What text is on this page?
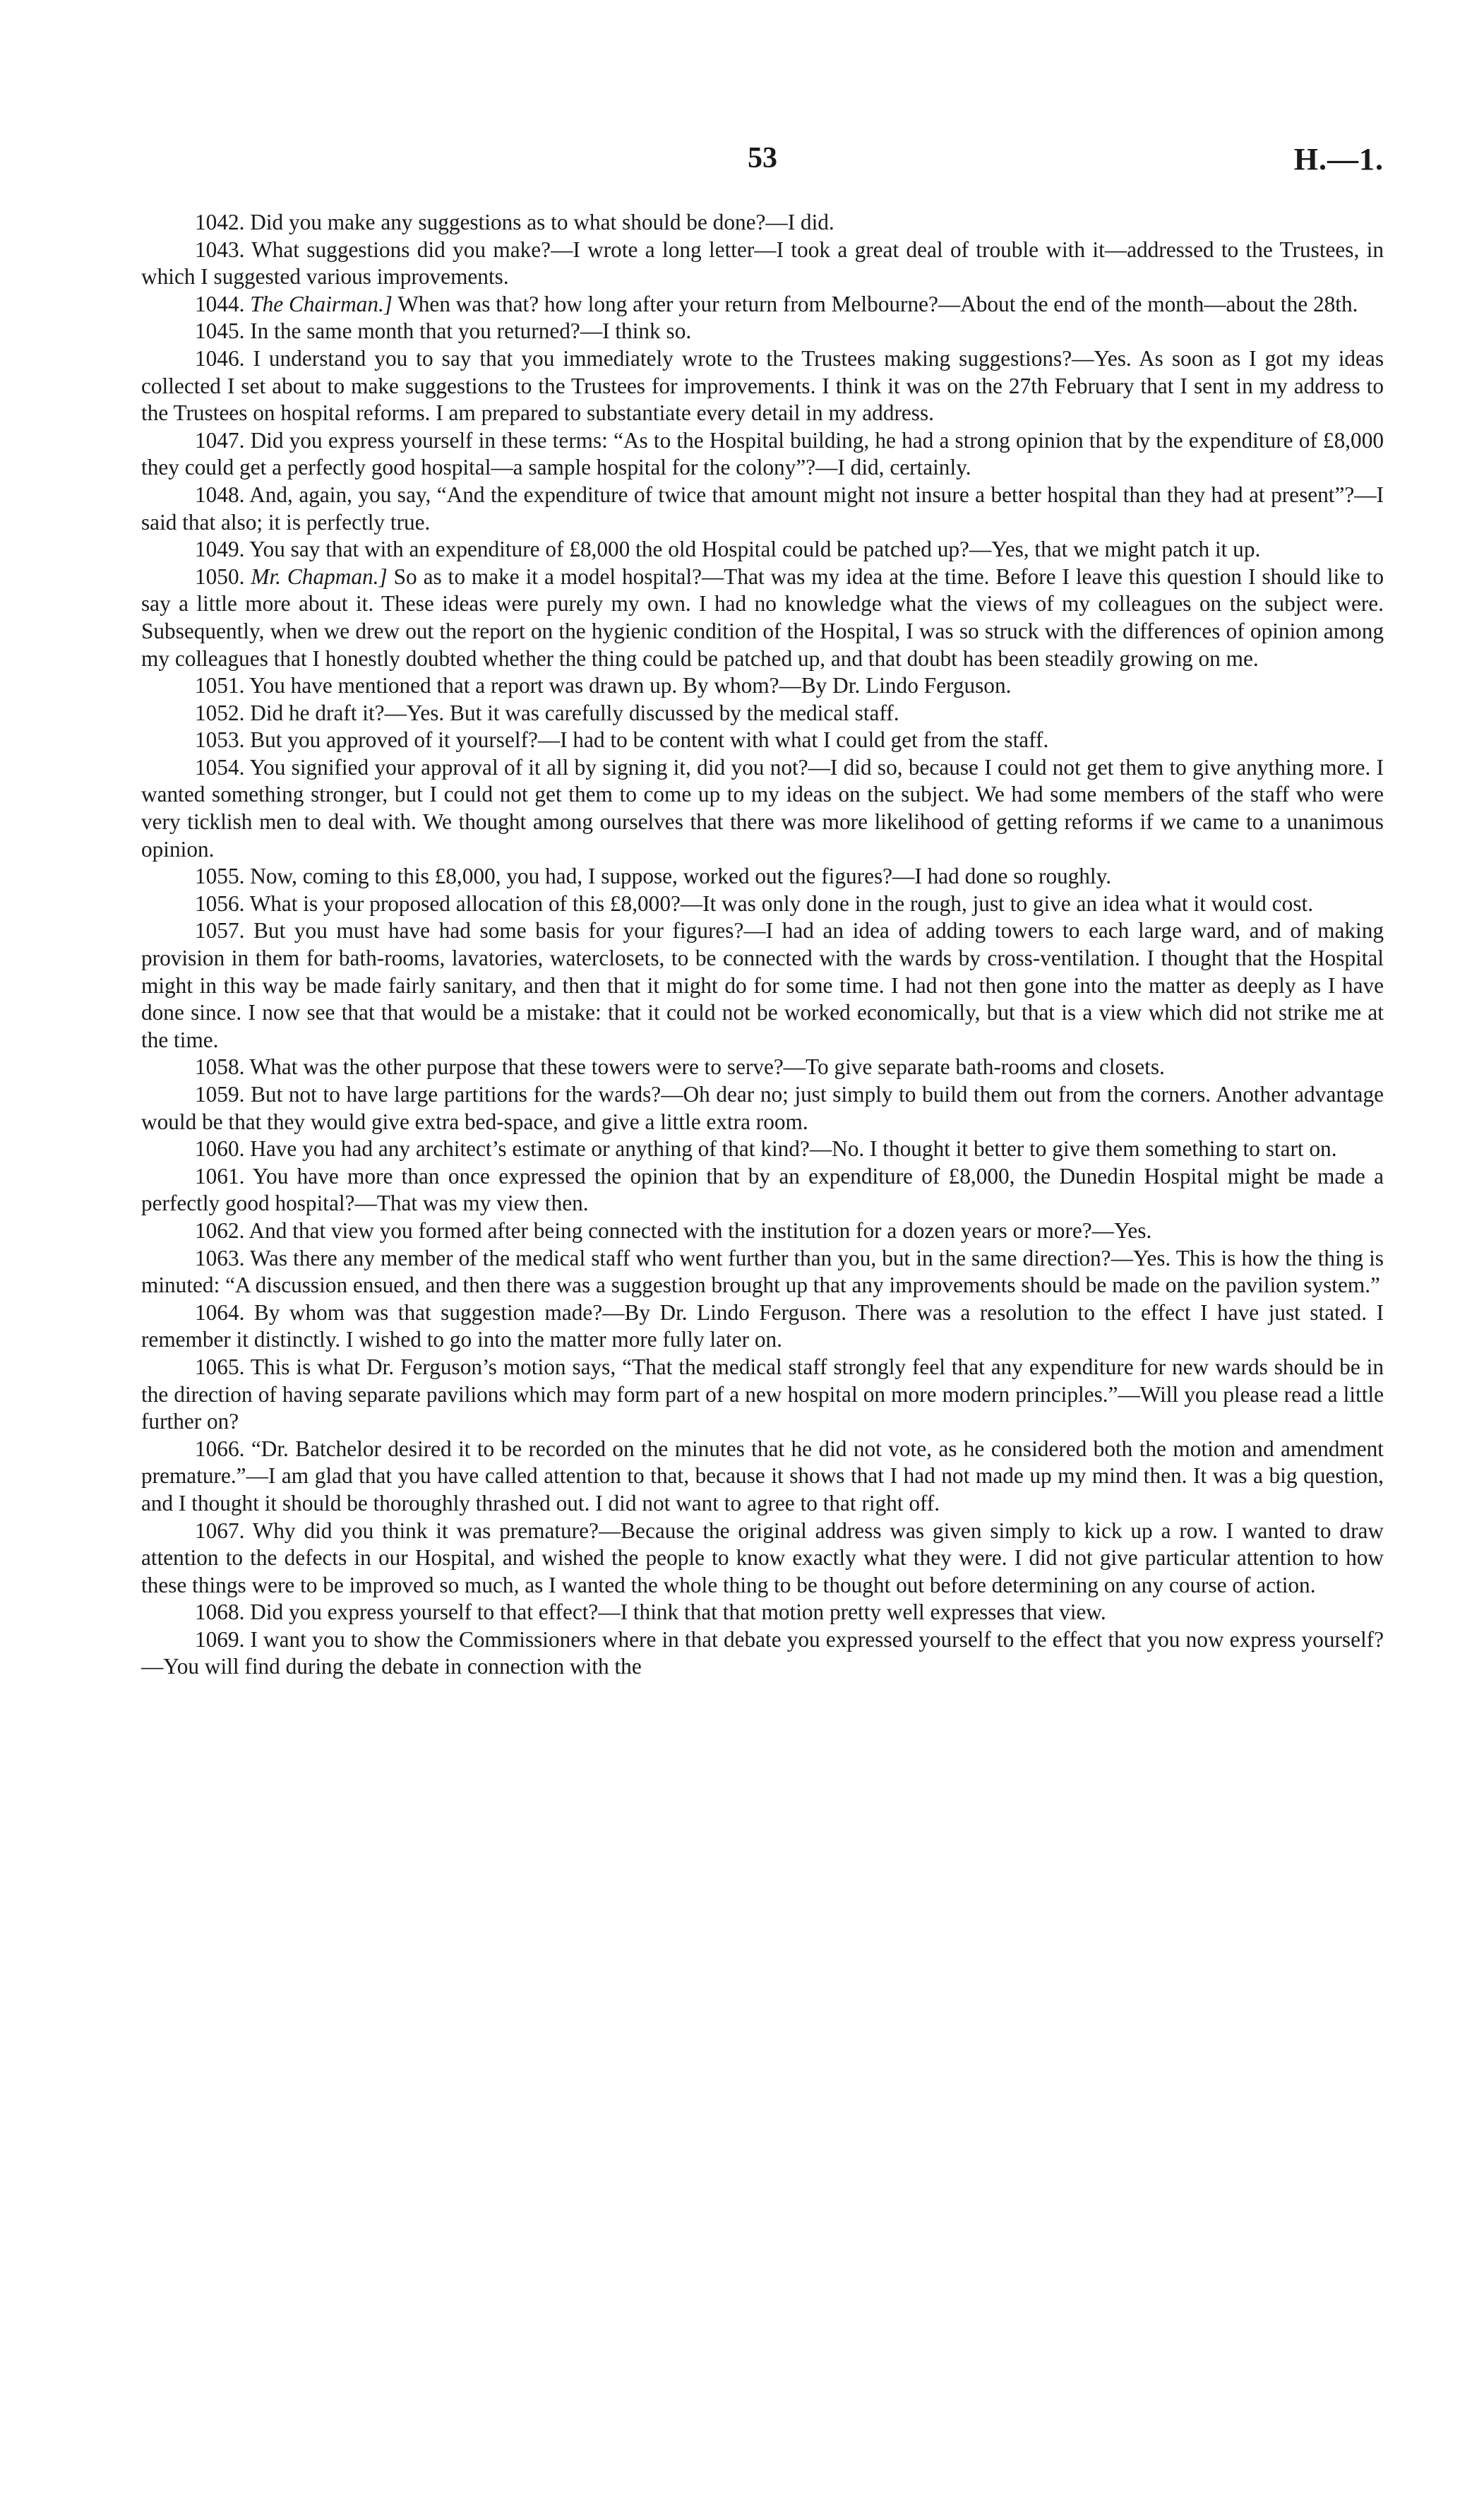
53	H.—1.

1042. Did you make any suggestions as to what should be done?—I did.

1043. What suggestions did you make?—I wrote a long letter—I took a great deal of trouble with it—addressed to the Trustees, in which I suggested various improvements.

1044. The Chairman.] When was that? how long after your return from Melbourne?—About the end of the month—about the 28th.

1045. In the same month that you returned?—I think so.

1046. I understand you to say that you immediately wrote to the Trustees making suggestions?—Yes. As soon as I got my ideas collected I set about to make suggestions to the Trustees for improvements. I think it was on the 27th February that I sent in my address to the Trustees on hospital reforms. I am prepared to substantiate every detail in my address.

1047. Did you express yourself in these terms: “As to the Hospital building, he had a strong opinion that by the expenditure of £8,000 they could get a perfectly good hospital—a sample hospital for the colony”?—I did, certainly.

1048. And, again, you say, “And the expenditure of twice that amount might not insure a better hospital than they had at present”?—I said that also; it is perfectly true.

1049. You say that with an expenditure of £8,000 the old Hospital could be patched up?—Yes, that we might patch it up.

1050. Mr. Chapman.] So as to make it a model hospital?—That was my idea at the time. Before I leave this question I should like to say a little more about it. These ideas were purely my own. I had no knowledge what the views of my colleagues on the subject were. Subsequently, when we drew out the report on the hygienic condition of the Hospital, I was so struck with the differences of opinion among my colleagues that I honestly doubted whether the thing could be patched up, and that doubt has been steadily growing on me.

1051. You have mentioned that a report was drawn up. By whom?—By Dr. Lindo Ferguson.

1052. Did he draft it?—Yes. But it was carefully discussed by the medical staff.

1053. But you approved of it yourself?—I had to be content with what I could get from the staff.

1054. You signified your approval of it all by signing it, did you not?—I did so, because I could not get them to give anything more. I wanted something stronger, but I could not get them to come up to my ideas on the subject. We had some members of the staff who were very ticklish men to deal with. We thought among ourselves that there was more likelihood of getting reforms if we came to a unanimous opinion.

1055. Now, coming to this £8,000, you had, I suppose, worked out the figures?—I had done so roughly.

1056. What is your proposed allocation of this £8,000?—It was only done in the rough, just to give an idea what it would cost.

1057. But you must have had some basis for your figures?—I had an idea of adding towers to each large ward, and of making provision in them for bath-rooms, lavatories, waterclosets, to be connected with the wards by cross-ventilation. I thought that the Hospital might in this way be made fairly sanitary, and then that it might do for some time. I had not then gone into the matter as deeply as I have done since. I now see that that would be a mistake: that it could not be worked economically, but that is a view which did not strike me at the time.

1058. What was the other purpose that these towers were to serve?—To give separate bath-rooms and closets.

1059. But not to have large partitions for the wards?—Oh dear no; just simply to build them out from the corners. Another advantage would be that they would give extra bed-space, and give a little extra room.

1060. Have you had any architect’s estimate or anything of that kind?—No. I thought it better to give them something to start on.

1061. You have more than once expressed the opinion that by an expenditure of £8,000, the Dunedin Hospital might be made a perfectly good hospital?—That was my view then.

1062. And that view you formed after being connected with the institution for a dozen years or more?—Yes.

1063. Was there any member of the medical staff who went further than you, but in the same direction?—Yes. This is how the thing is minuted: “A discussion ensued, and then there was a suggestion brought up that any improvements should be made on the pavilion system.”

1064. By whom was that suggestion made?—By Dr. Lindo Ferguson. There was a resolution to the effect I have just stated. I remember it distinctly. I wished to go into the matter more fully later on.

1065. This is what Dr. Ferguson’s motion says, “That the medical staff strongly feel that any expenditure for new wards should be in the direction of having separate pavilions which may form part of a new hospital on more modern principles.”—Will you please read a little further on?

1066. “Dr. Batchelor desired it to be recorded on the minutes that he did not vote, as he considered both the motion and amendment premature.”—I am glad that you have called attention to that, because it shows that I had not made up my mind then. It was a big question, and I thought it should be thoroughly thrashed out. I did not want to agree to that right off.

1067. Why did you think it was premature?—Because the original address was given simply to kick up a row. I wanted to draw attention to the defects in our Hospital, and wished the people to know exactly what they were. I did not give particular attention to how these things were to be improved so much, as I wanted the whole thing to be thought out before determining on any course of action.

1068. Did you express yourself to that effect?—I think that that motion pretty well expresses that view.

1069. I want you to show the Commissioners where in that debate you expressed yourself to the effect that you now express yourself?—You will find during the debate in connection with the
